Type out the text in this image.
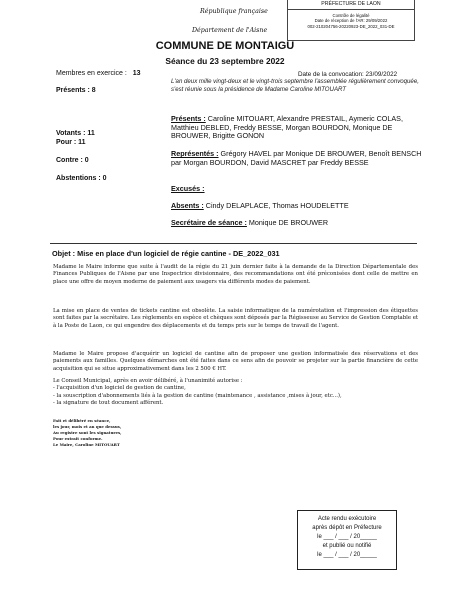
PRÉFECTURE DE LAON
Contrôle de légalité
Date de réception de l'AR: 29/09/2022
002-210204756-20220923-DE_2022_031-DE
République française
Département de l'Aisne
COMMUNE DE MONTAIGU
Séance du 23 septembre 2022
Membres en exercice : 13
Présents : 8
Votants : 11
Pour : 11
Contre : 0
Abstentions : 0
Date de la convocation: 23/09/2022
L'an deux mille vingt-deux et le vingt-trois septembre l'assemblée régulièrement convoquée, s'est réunie sous la présidence de Madame Caroline MITOUART
Présents : Caroline MITOUART, Alexandre PRESTAIL, Aymeric COLAS, Matthieu DEBLED, Freddy BESSE, Morgan BOURDON, Monique DE BROUWER, Brigitte GONON
Représentés : Grégory HAVEL par Monique DE BROUWER, Benoît BENSCH par Morgan BOURDON, David MASCRET par Freddy BESSE
Excusés :
Absents : Cindy DELAPLACE, Thomas HOUDELETTE
Secrétaire de séance : Monique DE BROUWER
Objet : Mise en place d'un logiciel de régie cantine - DE_2022_031
Madame le Maire informe que suite à l'audit de la régie du 21 juin dernier faite à la demande de la Direction Départementale des Finances Publiques de l'Aisne par une Inspectrice divisionnaire, des recommandations ont été préconisées dont celle de mettre en place une offre de moyen moderne de paiement aux usagers via différents modes de paiement.
La mise en place de ventes de tickets cantine est obsolète. La saisie informatique de la numérotation et l'impression des étiquettes sont faites par la secrétaire. Les règlements en espèce et chèques sont déposés par la Régisseuse au Service de Gestion Comptable et à la Poste de Laon, ce qui engendre des déplacements et du temps pris sur le temps de travail de l'agent.
Madame le Maire propose d'acquérir un logiciel de cantine afin de proposer une gestion informatisée des réservations et des paiements aux familles. Quelques démarches ont été faites dans ce sens afin de pouvoir se projeter sur la partie financière de cette acquisition qui se situe approximativement dans les 2 500 € HT.
Le Conseil Municipal, après en avoir délibéré, à l'unanimité autorise :
- l'acquisition d'un logiciel de gestion de cantine,
- la souscription d'abonnements liés à la gestion de cantine (maintenance , assistance ,mises à jour, etc...),
- la signature de tout document afférent.
Fait et délibéré en séance,
les jour, mois et an que dessus,
Au registre sont les signatures,
Pour extrait conforme.
Le Maire, Caroline MITOUART
Acte rendu exécutoire
après dépôt en Préfecture
le ___ / ___ / 20_____
et publié ou notifié
le ___ / ___ / 20_____
